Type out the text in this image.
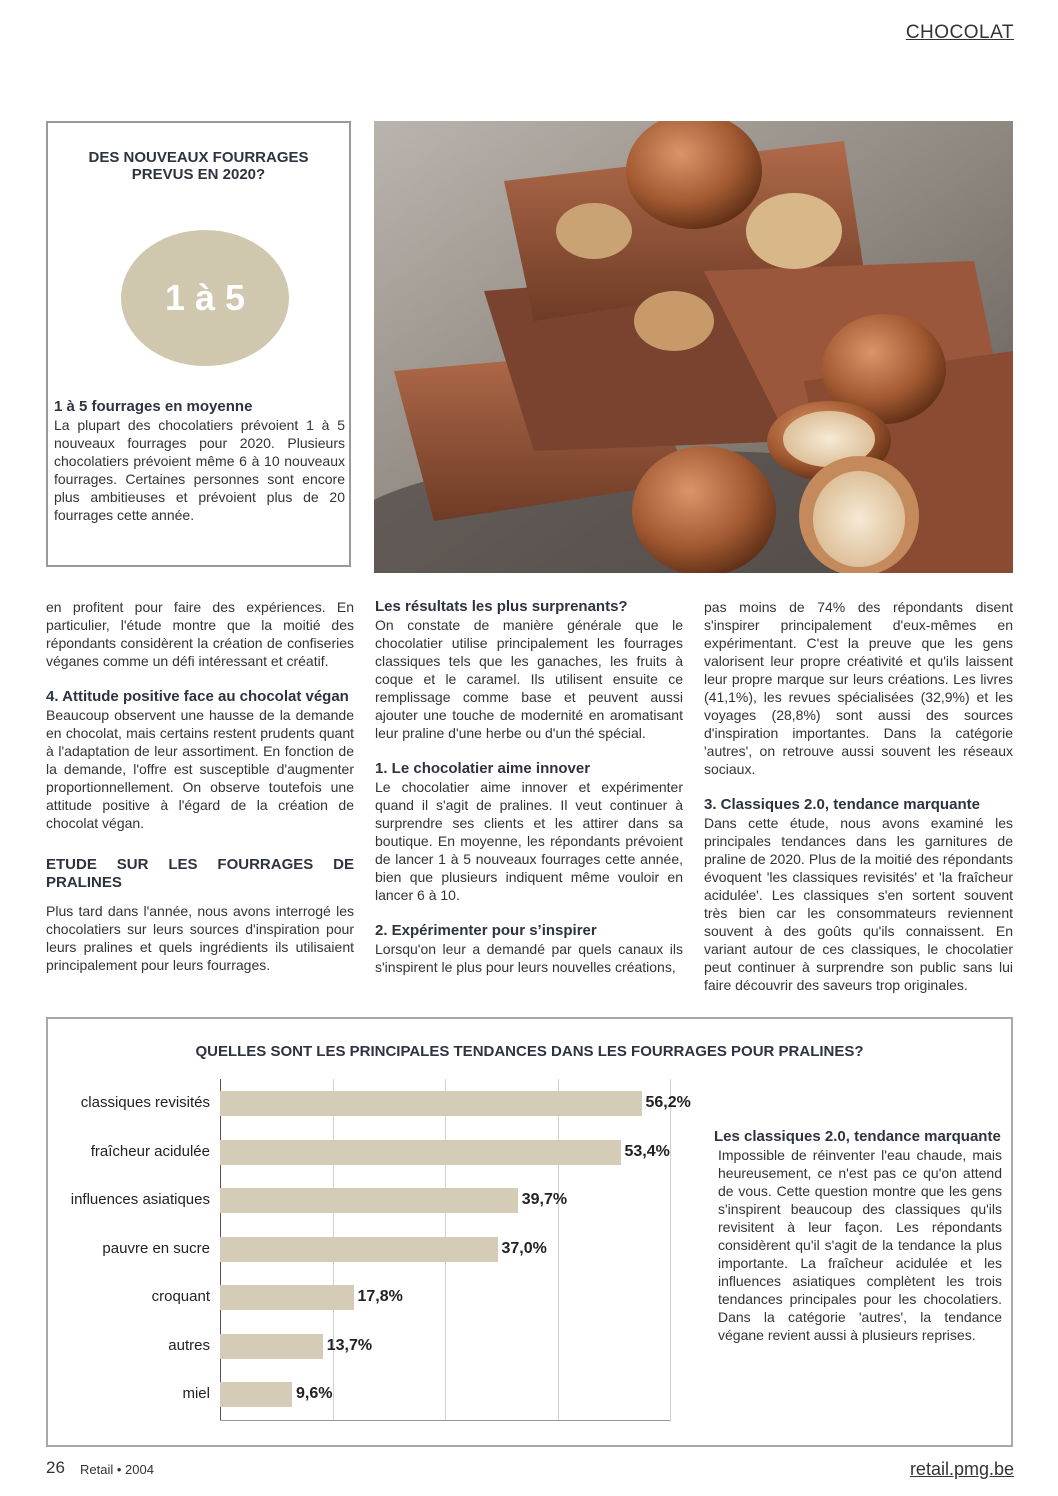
CHOCOLAT
DES NOUVEAUX FOURRAGES PREVUS EN 2020?
1 à 5
1 à 5 fourrages en moyenne
La plupart des chocolatiers prévoient 1 à 5 nouveaux fourrages pour 2020. Plusieurs chocolatiers prévoient même 6 à 10 nouveaux fourrages. Certaines personnes sont encore plus ambitieuses et prévoient plus de 20 fourrages cette année.

en profitent pour faire des expériences. En particulier, l'étude montre que la moitié des répondants considèrent la création de confiseries véganes comme un défi intéressant et créatif.

4. Attitude positive face au chocolat végan

Beaucoup observent une hausse de la demande en chocolat, mais certains restent prudents quant à l'adaptation de leur assortiment. En fonction de la demande, l'offre est susceptible d'augmenter proportionnellement. On observe toutefois une attitude positive à l'égard de la création de chocolat végan.

ETUDE SUR LES FOURRAGES DE PRALINES

Plus tard dans l'année, nous avons interrogé les chocolatiers sur leurs sources d'inspiration pour leurs pralines et quels ingrédients ils utilisaient principalement pour leurs fourrages.

Les résultats les plus surprenants?

On constate de manière générale que le chocolatier utilise principalement les fourrages classiques tels que les ganaches, les fruits à coque et le caramel. Ils utilisent ensuite ce remplissage comme base et peuvent aussi ajouter une touche de modernité en aromatisant leur praline d'une herbe ou d'un thé spécial.

1. Le chocolatier aime innover

Le chocolatier aime innover et expérimenter quand il s'agit de pralines. Il veut continuer à surprendre ses clients et les attirer dans sa boutique. En moyenne, les répondants prévoient de lancer 1 à 5 nouveaux fourrages cette année, bien que plusieurs indiquent même vouloir en lancer 6 à 10.

2. Expérimenter pour s’inspirer

Lorsqu'on leur a demandé par quels canaux ils s'inspirent le plus pour leurs nouvelles créations,

pas moins de 74% des répondants disent s'inspirer principalement d'eux-mêmes en expérimentant. C'est la preuve que les gens valorisent leur propre créativité et qu'ils laissent leur propre marque sur leurs créations. Les livres (41,1%), les revues spécialisées (32,9%) et les voyages (28,8%) sont aussi des sources d'inspiration importantes. Dans la catégorie 'autres', on retrouve aussi souvent les réseaux sociaux.

3. Classiques 2.0, tendance marquante

Dans cette étude, nous avons examiné les principales tendances dans les garnitures de praline de 2020. Plus de la moitié des répondants évoquent 'les classiques revisités' et 'la fraîcheur acidulée'. Les classiques s'en sortent souvent très bien car les consommateurs reviennent souvent à des goûts qu'ils connaissent. En variant autour de ces classiques, le chocolatier peut continuer à surprendre son public sans lui faire découvrir des saveurs trop originales.

QUELLES SONT LES PRINCIPALES TENDANCES DANS LES FOURRAGES POUR PRALINES?
Les classiques 2.0, tendance marquante
Impossible de réinventer l'eau chaude, mais heureusement, ce n'est pas ce qu'on attend de vous. Cette question montre que les gens s'inspirent beaucoup des classiques qu'ils revisitent à leur façon. Les répondants considèrent qu'il s'agit de la tendance la plus importante. La fraîcheur acidulée et les influences asiatiques complètent les trois tendances principales pour les chocolatiers. Dans la catégorie 'autres', la tendance végane revient aussi à plusieurs reprises.
classiques revisités	56,2%
fraîcheur acidulée	53,4%
influences asiatiques	39,7%
pauvre en sucre	37,0%
croquant	17,8%
autres	13,7%
miel	9,6%
26 Retail • 2004	retail.pmg.be
